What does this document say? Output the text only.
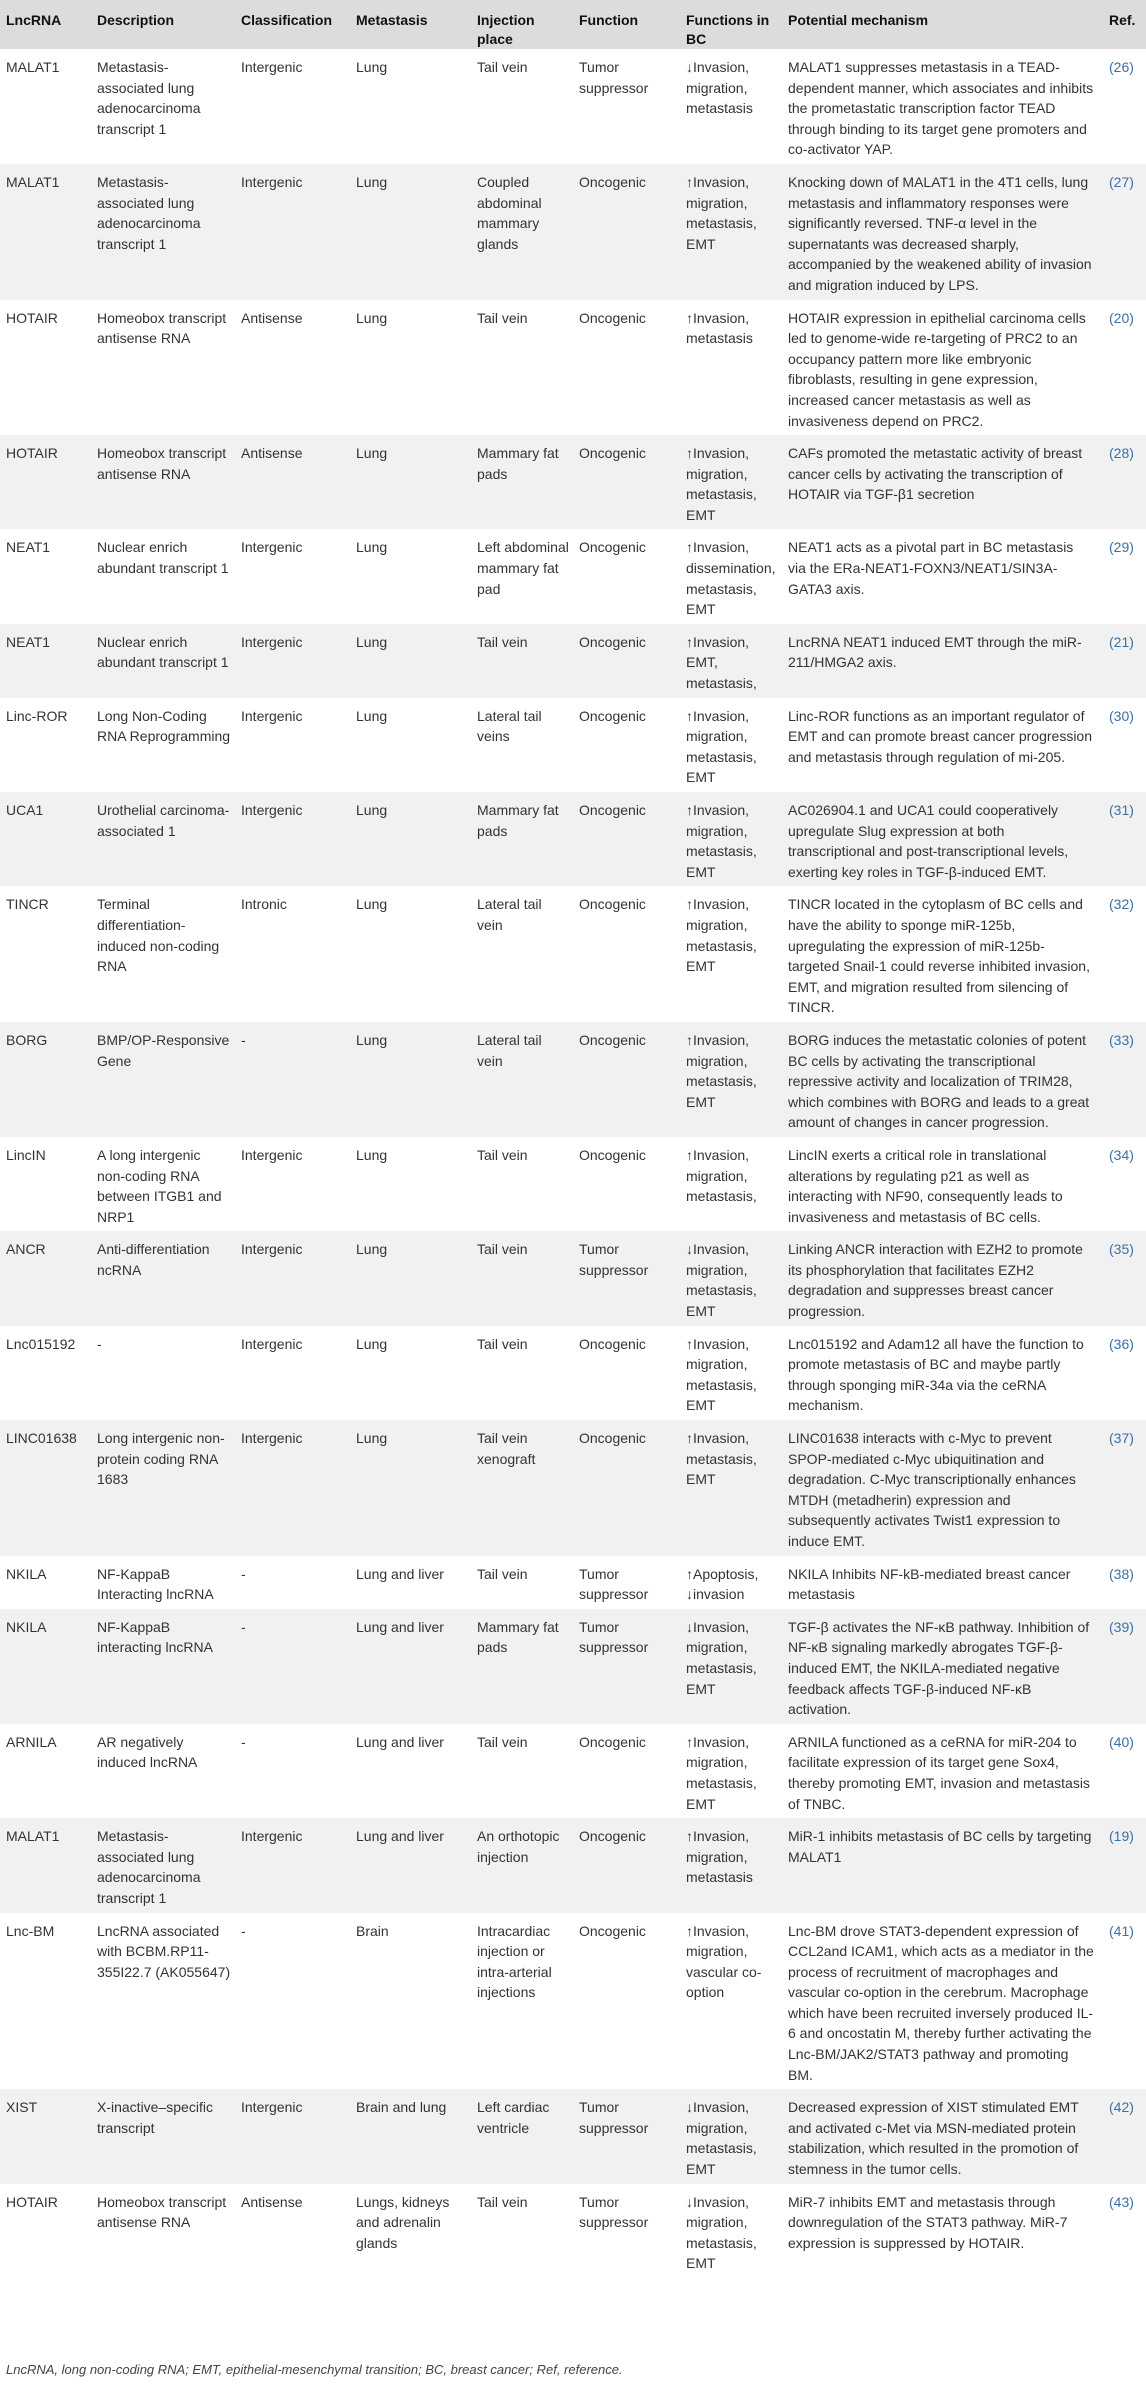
LncRNA	Description	Classification	Metastasis	Injection place	Function	Functions in BC	Potential mechanism	Ref.
MALAT1	Metastasis-associated lung adenocarcinoma transcript 1	Intergenic	Lung	Tail vein	Tumor suppressor	↓Invasion, migration, metastasis	MALAT1 suppresses metastasis in a TEAD-dependent manner, which associates and inhibits the prometastatic transcription factor TEAD through binding to its target gene promoters and co-activator YAP.	(26)
MALAT1	Metastasis-associated lung adenocarcinoma transcript 1	Intergenic	Lung	Coupled abdominal mammary glands	Oncogenic	↑Invasion, migration, metastasis, EMT	Knocking down of MALAT1 in the 4T1 cells, lung metastasis and inflammatory responses were significantly reversed. TNF-α level in the supernatants was decreased sharply, accompanied by the weakened ability of invasion and migration induced by LPS.	(27)
HOTAIR	Homeobox transcript antisense RNA	Antisense	Lung	Tail vein	Oncogenic	↑Invasion, metastasis	HOTAIR expression in epithelial carcinoma cells led to genome-wide re-targeting of PRC2 to an occupancy pattern more like embryonic fibroblasts, resulting in gene expression, increased cancer metastasis as well as invasiveness depend on PRC2.	(20)
HOTAIR	Homeobox transcript antisense RNA	Antisense	Lung	Mammary fat pads	Oncogenic	↑Invasion, migration, metastasis, EMT	CAFs promoted the metastatic activity of breast cancer cells by activating the transcription of HOTAIR via TGF-β1 secretion	(28)
NEAT1	Nuclear enrich abundant transcript 1	Intergenic	Lung	Left abdominal mammary fat pad	Oncogenic	↑Invasion, dissemination, metastasis, EMT	NEAT1 acts as a pivotal part in BC metastasis via the ERa-NEAT1-FOXN3/NEAT1/SIN3A-GATA3 axis.	(29)
NEAT1	Nuclear enrich abundant transcript 1	Intergenic	Lung	Tail vein	Oncogenic	↑Invasion, EMT, metastasis,	LncRNA NEAT1 induced EMT through the miR-211/HMGA2 axis.	(21)
Linc-ROR	Long Non-Coding RNA Reprogramming	Intergenic	Lung	Lateral tail veins	Oncogenic	↑Invasion, migration, metastasis, EMT	Linc-ROR functions as an important regulator of EMT and can promote breast cancer progression and metastasis through regulation of mi-205.	(30)
UCA1	Urothelial carcinoma-associated 1	Intergenic	Lung	Mammary fat pads	Oncogenic	↑Invasion, migration, metastasis, EMT	AC026904.1 and UCA1 could cooperatively upregulate Slug expression at both transcriptional and post-transcriptional levels, exerting key roles in TGF-β-induced EMT.	(31)
TINCR	Terminal differentiation-induced non-coding RNA	Intronic	Lung	Lateral tail vein	Oncogenic	↑Invasion, migration, metastasis, EMT	TINCR located in the cytoplasm of BC cells and have the ability to sponge miR-125b, upregulating the expression of miR-125b-targeted Snail-1 could reverse inhibited invasion, EMT, and migration resulted from silencing of TINCR.	(32)
BORG	BMP/OP-Responsive Gene	-	Lung	Lateral tail vein	Oncogenic	↑Invasion, migration, metastasis, EMT	BORG induces the metastatic colonies of potent BC cells by activating the transcriptional repressive activity and localization of TRIM28, which combines with BORG and leads to a great amount of changes in cancer progression.	(33)
LincIN	A long intergenic non-coding RNA between ITGB1 and NRP1	Intergenic	Lung	Tail vein	Oncogenic	↑Invasion, migration, metastasis,	LincIN exerts a critical role in translational alterations by regulating p21 as well as interacting with NF90, consequently leads to invasiveness and metastasis of BC cells.	(34)
ANCR	Anti-differentiation ncRNA	Intergenic	Lung	Tail vein	Tumor suppressor	↓Invasion, migration, metastasis, EMT	Linking ANCR interaction with EZH2 to promote its phosphorylation that facilitates EZH2 degradation and suppresses breast cancer progression.	(35)
Lnc015192	-	Intergenic	Lung	Tail vein	Oncogenic	↑Invasion, migration, metastasis, EMT	Lnc015192 and Adam12 all have the function to promote metastasis of BC and maybe partly through sponging miR-34a via the ceRNA mechanism.	(36)
LINC01638	Long intergenic non-protein coding RNA 1683	Intergenic	Lung	Tail vein xenograft	Oncogenic	↑Invasion, metastasis, EMT	LINC01638 interacts with c-Myc to prevent SPOP-mediated c-Myc ubiquitination and degradation. C-Myc transcriptionally enhances MTDH (metadherin) expression and subsequently activates Twist1 expression to induce EMT.	(37)
NKILA	NF-KappaB Interacting lncRNA	-	Lung and liver	Tail vein	Tumor suppressor	↑Apoptosis, ↓invasion	NKILA Inhibits NF-kB-mediated breast cancer metastasis	(38)
NKILA	NF-KappaB interacting lncRNA	-	Lung and liver	Mammary fat pads	Tumor suppressor	↓Invasion, migration, metastasis, EMT	TGF-β activates the NF-κB pathway. Inhibition of NF-κB signaling markedly abrogates TGF-β-induced EMT, the NKILA-mediated negative feedback affects TGF-β-induced NF-κB activation.	(39)
ARNILA	AR negatively induced lncRNA	-	Lung and liver	Tail vein	Oncogenic	↑Invasion, migration, metastasis, EMT	ARNILA functioned as a ceRNA for miR-204 to facilitate expression of its target gene Sox4, thereby promoting EMT, invasion and metastasis of TNBC.	(40)
MALAT1	Metastasis-associated lung adenocarcinoma transcript 1	Intergenic	Lung and liver	An orthotopic injection	Oncogenic	↑Invasion, migration, metastasis	MiR-1 inhibits metastasis of BC cells by targeting MALAT1	(19)
Lnc-BM	LncRNA associated with BCBM.RP11-355I22.7 (AK055647)	-	Brain	Intracardiac injection or intra-arterial injections	Oncogenic	↑Invasion, migration, vascular co-option	Lnc-BM drove STAT3-dependent expression of CCL2and ICAM1, which acts as a mediator in the process of recruitment of macrophages and vascular co-option in the cerebrum. Macrophage which have been recruited inversely produced IL-6 and oncostatin M, thereby further activating the Lnc-BM/JAK2/STAT3 pathway and promoting BM.	(41)
XIST	X-inactive–specific transcript	Intergenic	Brain and lung	Left cardiac ventricle	Tumor suppressor	↓Invasion, migration, metastasis, EMT	Decreased expression of XIST stimulated EMT and activated c-Met via MSN-mediated protein stabilization, which resulted in the promotion of stemness in the tumor cells.	(42)
HOTAIR	Homeobox transcript antisense RNA	Antisense	Lungs, kidneys and adrenalin glands	Tail vein	Tumor suppressor	↓Invasion, migration, metastasis, EMT	MiR-7 inhibits EMT and metastasis through downregulation of the STAT3 pathway. MiR-7 expression is suppressed by HOTAIR.	(43)
LncRNA, long non-coding RNA; EMT, epithelial-mesenchymal transition; BC, breast cancer; Ref, reference.
